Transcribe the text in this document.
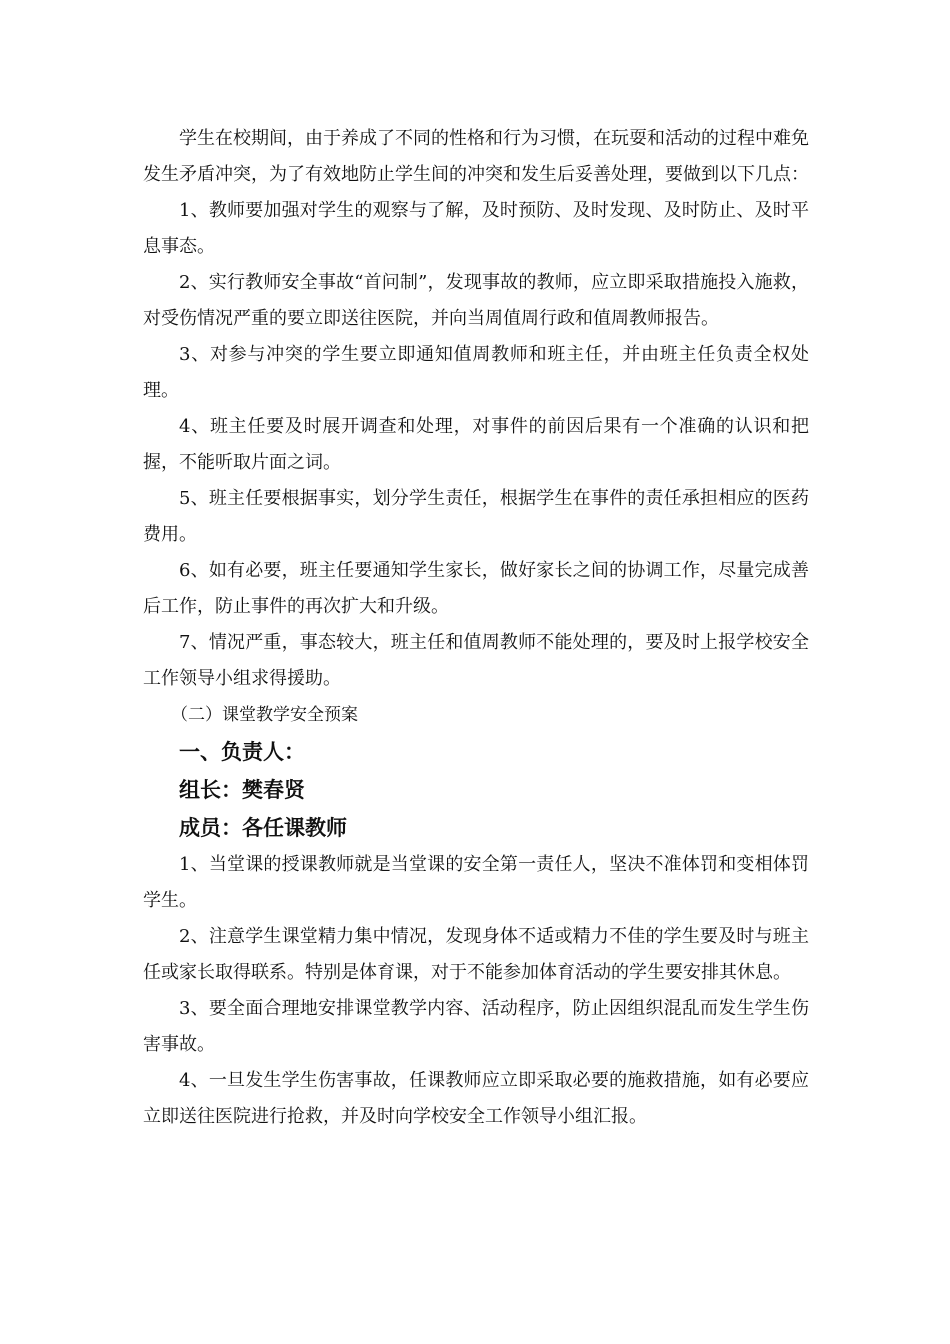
学生在校期间，由于养成了不同的性格和行为习惯，在玩耍和活动的过程中难免发生矛盾冲突，为了有效地防止学生间的冲突和发生后妥善处理，要做到以下几点：

1、教师要加强对学生的观察与了解，及时预防、及时发现、及时防止、及时平息事态。

2、实行教师安全事故“首问制”，发现事故的教师，应立即采取措施投入施救，对受伤情况严重的要立即送往医院，并向当周值周行政和值周教师报告。

3、对参与冲突的学生要立即通知值周教师和班主任，并由班主任负责全权处理。

4、班主任要及时展开调查和处理，对事件的前因后果有一个准确的认识和把握，不能听取片面之词。

5、班主任要根据事实，划分学生责任，根据学生在事件的责任承担相应的医药费用。

6、如有必要，班主任要通知学生家长，做好家长之间的协调工作，尽量完成善后工作，防止事件的再次扩大和升级。

7、情况严重，事态较大，班主任和值周教师不能处理的，要及时上报学校安全工作领导小组求得援助。

（二）课堂教学安全预案

一、负责人：

组长：樊春贤

成员：各任课教师

1、当堂课的授课教师就是当堂课的安全第一责任人，坚决不准体罚和变相体罚学生。

2、注意学生课堂精力集中情况，发现身体不适或精力不佳的学生要及时与班主任或家长取得联系。特别是体育课，对于不能参加体育活动的学生要安排其休息。

3、要全面合理地安排课堂教学内容、活动程序，防止因组织混乱而发生学生伤害事故。

4、一旦发生学生伤害事故，任课教师应立即采取必要的施救措施，如有必要应立即送往医院进行抢救，并及时向学校安全工作领导小组汇报。
